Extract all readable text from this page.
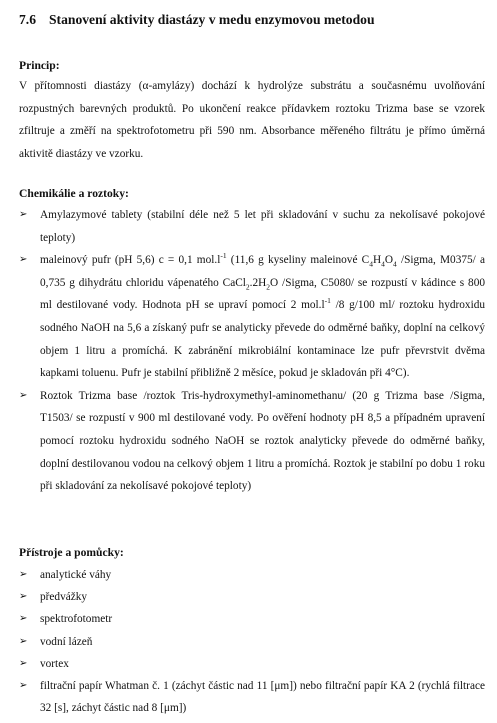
7.6 Stanovení aktivity diastázy v medu enzymovou metodou
Princip:
V přítomnosti diastázy (α-amylázy) dochází k hydrolýze substrátu a současnému uvolňování rozpustných barevných produktů. Po ukončení reakce přídavkem roztoku Trizma base se vzorek zfiltruje a změří na spektrofotometru při 590 nm. Absorbance měřeného filtrátu je přímo úměrná aktivitě diastázy ve vzorku.
Chemikálie a roztoky:
➢ Amylazymové tablety (stabilní déle než 5 let při skladování v suchu za nekolísavé pokojové teploty)
➢ maleinový pufr (pH 5,6) c = 0,1 $mol.l^{-1}$ (11,6 g kyseliny maleinové $C_4H_4O_4$ /Sigma, M0375/ a 0,735 g dihydrátu chloridu vápenatého $CaCl_2.2H_2O$ /Sigma, C5080/ se rozpustí v kádince s 800 ml destilované vody. Hodnota pH se upraví pomocí 2 $mol.l^{-1}$ /8 g/100 ml/ roztoku hydroxidu sodného NaOH na 5,6 a získaný pufr se analyticky převede do odměrné baňky, doplní na celkový objem 1 litru a promíchá. K zabránění mikrobiální kontaminace lze pufr převrstvit dvěma kapkami toluenu. Pufr je stabilní přibližně 2 měsíce, pokud je skladován při 4°C).
➢ Roztok Trizma base /roztok Tris-hydroxymethyl-aminomethanu/ (20 g Trizma base /Sigma, T1503/ se rozpustí v 900 ml destilované vody. Po ověření hodnoty pH 8,5 a případném upravení pomocí roztoku hydroxidu sodného NaOH se roztok analyticky převede do odměrné baňky, doplní destilovanou vodou na celkový objem 1 litru a promíchá. Roztok je stabilní po dobu 1 roku při skladování za nekolísavé pokojové teploty)
Přístroje a pomůcky:
➢ analytické váhy
➢ předvážky
➢ spektrofotometr
➢ vodní lázeň
➢ vortex
➢ filtrační papír Whatman č. 1 (záchyt částic nad 11 [μm]) nebo filtrační papír KA 2 (rychlá filtrace 32 [s], záchyt částic nad 8 [μm])
